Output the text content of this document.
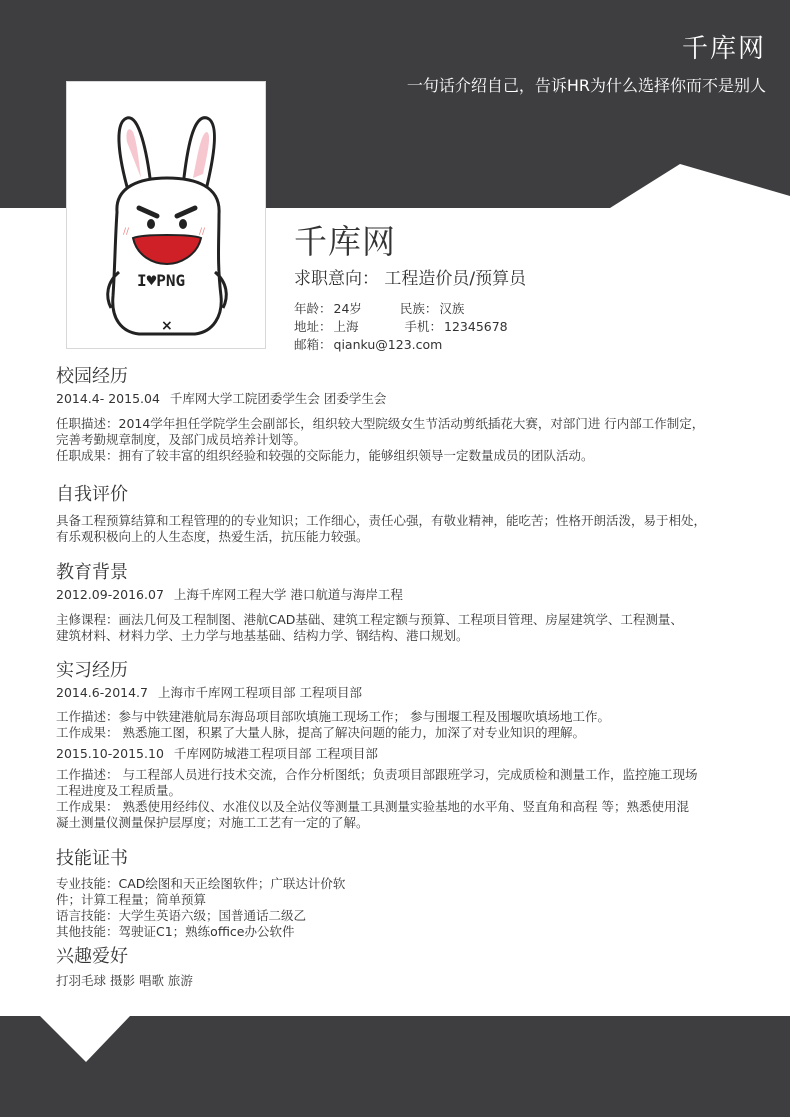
千库网
一句话介绍自己，告诉HR为什么选择你而不是别人
//	//
I♥PNG
×
千库网
求职意向： 工程造价员/预算员
年龄： 24岁	民族： 汉族
地址： 上海	手机： 12345678
邮箱： qianku@123.com
校园经历
2014.4- 2015.04 千库网大学工院团委学生会 团委学生会
任职描述：2014学年担任学院学生会副部长，组织较大型院级女生节活动剪纸插花大赛，对部门进 行内部工作制定，
完善考勤规章制度，及部门成员培养计划等。
任职成果：拥有了较丰富的组织经验和较强的交际能力，能够组织领导一定数量成员的团队活动。
自我评价
具备工程预算结算和工程管理的的专业知识；工作细心，责任心强，有敬业精神，能吃苦；性格开朗活泼，易于相处，
有乐观积极向上的人生态度，热爱生活，抗压能力较强。
教育背景
2012.09-2016.07 上海千库网工程大学 港口航道与海岸工程
主修课程：画法几何及工程制图、港航CAD基础、建筑工程定额与预算、工程项目管理、房屋建筑学、工程测量、
建筑材料、材料力学、土力学与地基基础、结构力学、钢结构、港口规划。
实习经历
2014.6-2014.7 上海市千库网工程项目部 工程项目部
工作描述：参与中铁建港航局东海岛项目部吹填施工现场工作； 参与围堰工程及围堰吹填场地工作。
工作成果： 熟悉施工图，积累了大量人脉，提高了解决问题的能力，加深了对专业知识的理解。
2015.10-2015.10 千库网防城港工程项目部 工程项目部
工作描述： 与工程部人员进行技术交流，合作分析图纸；负责项目部跟班学习，完成质检和测量工作，监控施工现场
工程进度及工程质量。
工作成果： 熟悉使用经纬仪、水准仪以及全站仪等测量工具测量实验基地的水平角、竖直角和高程 等；熟悉使用混
凝土测量仪测量保护层厚度；对施工工艺有一定的了解。
技能证书
专业技能：CAD绘图和天正绘图软件；广联达计价软
件；计算工程量；简单预算
语言技能：大学生英语六级；国普通话二级乙
其他技能：驾驶证C1；熟练office办公软件
兴趣爱好
打羽毛球 摄影 唱歌 旅游
